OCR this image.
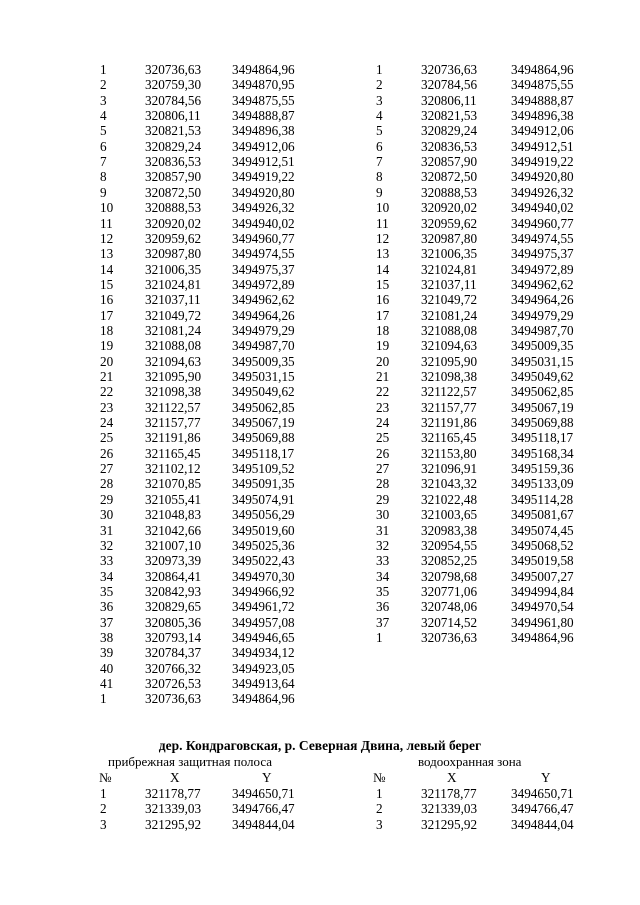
1	320736,63 3494864,96
2	320759,30 3494870,95
3	320784,56 3494875,55
4	320806,11 3494888,87
5	320821,53 3494896,38
6	320829,24 3494912,06
7	320836,53 3494912,51
8	320857,90 3494919,22
9	320872,50 3494920,80
10 320888,53 3494926,32
11 320920,02 3494940,02
12 320959,62 3494960,77
13 320987,80 3494974,55
14 321006,35 3494975,37
15 321024,81 3494972,89
16 321037,11 3494962,62
17 321049,72 3494964,26
18 321081,24 3494979,29
19 321088,08 3494987,70
20 321094,63 3495009,35
21 321095,90 3495031,15
22 321098,38 3495049,62
23 321122,57 3495062,85
24 321157,77 3495067,19
25 321191,86 3495069,88
26 321165,45 3495118,17
27 321102,12 3495109,52
28 321070,85 3495091,35
29 321055,41 3495074,91
30 321048,83 3495056,29
31 321042,66 3495019,60
32 321007,10 3495025,36
33 320973,39 3495022,43
34 320864,41 3494970,30
35 320842,93 3494966,92
36 320829,65 3494961,72
37 320805,36 3494957,08
38 320793,14 3494946,65
39 320784,37 3494934,12
40 320766,32 3494923,05
41 320726,53 3494913,64
1	320736,63 3494864,96
1	320736,63	3494864,96
2	320784,56	3494875,55
3	320806,11	3494888,87
4	320821,53	3494896,38
5	320829,24	3494912,06
6	320836,53	3494912,51
7	320857,90	3494919,22
8	320872,50	3494920,80
9	320888,53	3494926,32
10 320920,02	3494940,02
11 320959,62	3494960,77
12 320987,80	3494974,55
13 321006,35	3494975,37
14 321024,81	3494972,89
15 321037,11	3494962,62
16 321049,72	3494964,26
17 321081,24	3494979,29
18 321088,08	3494987,70
19 321094,63	3495009,35
20 321095,90	3495031,15
21 321098,38	3495049,62
22 321122,57	3495062,85
23 321157,77	3495067,19
24 321191,86	3495069,88
25 321165,45	3495118,17
26 321153,80	3495168,34
27 321096,91	3495159,36
28 321043,32	3495133,09
29 321022,48	3495114,28
30 321003,65	3495081,67
31 320983,38	3495074,45
32 320954,55	3495068,52
33 320852,25	3495019,58
34 320798,68	3495007,27
35 320771,06	3494994,84
36 320748,06	3494970,54
37 320714,52	3494961,80
1	320736,63	3494864,96
1	321178,77 3494650,71
2	321339,03 3494766,47
3	321295,92 3494844,04
1	321178,77	3494650,71
2	321339,03	3494766,47
3	321295,92	3494844,04
дер. Кондраговская, р. Северная Двина, левый берег
прибрежная защитная полоса	водоохранная зона
№	X	Y	№	X	Y
